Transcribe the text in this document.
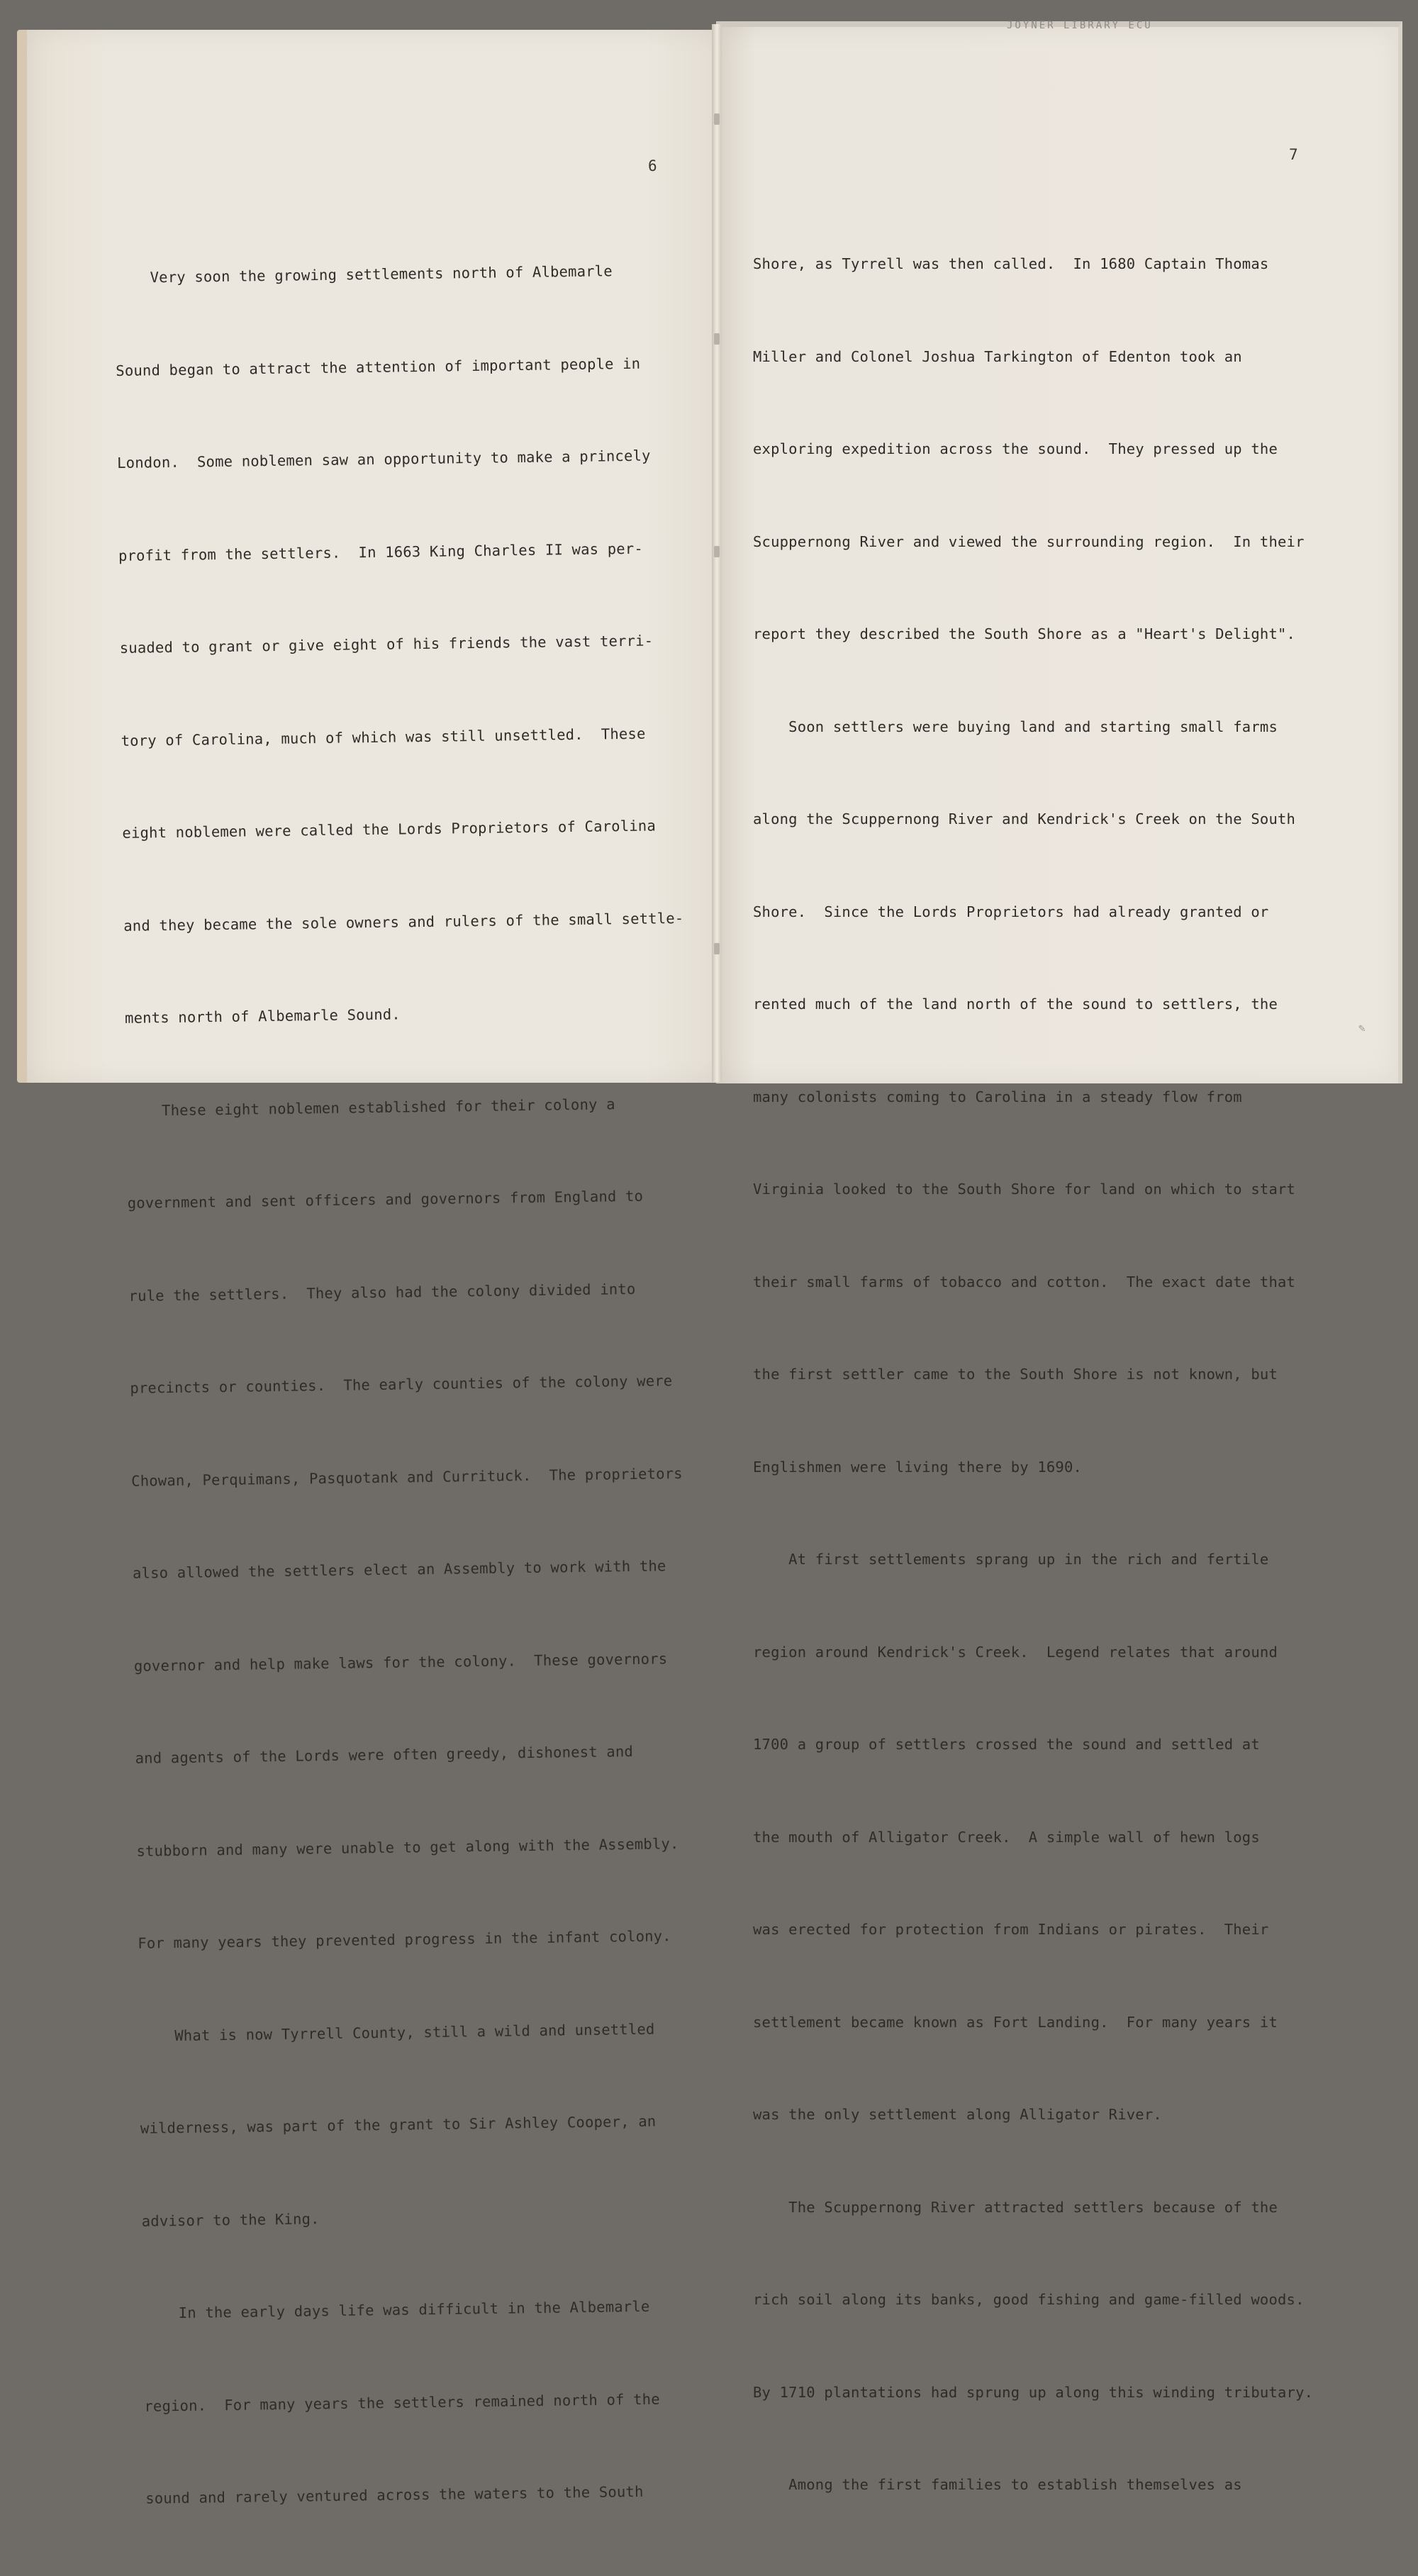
JOYNER LIBRARY ECU
6
7

Very soon the growing settlements north of Albemarle

Sound began to attract the attention of important people in

London.  Some noblemen saw an opportunity to make a princely

profit from the settlers.  In 1663 King Charles II was per-

suaded to grant or give eight of his friends the vast terri-

tory of Carolina, much of which was still unsettled.  These

eight noblemen were called the Lords Proprietors of Carolina

and they became the sole owners and rulers of the small settle-

ments north of Albemarle Sound.

These eight noblemen established for their colony a

government and sent officers and governors from England to

rule the settlers.  They also had the colony divided into

precincts or counties.  The early counties of the colony were

Chowan, Perquimans, Pasquotank and Currituck.  The proprietors

also allowed the settlers elect an Assembly to work with the

governor and help make laws for the colony.  These governors

and agents of the Lords were often greedy, dishonest and

stubborn and many were unable to get along with the Assembly.

For many years they prevented progress in the infant colony.

What is now Tyrrell County, still a wild and unsettled

wilderness, was part of the grant to Sir Ashley Cooper, an

advisor to the King.

In the early days life was difficult in the Albemarle

region.  For many years the settlers remained north of the

sound and rarely ventured across the waters to the South

Shore, as Tyrrell was then called.  In 1680 Captain Thomas

Miller and Colonel Joshua Tarkington of Edenton took an

exploring expedition across the sound.  They pressed up the

Scuppernong River and viewed the surrounding region.  In their

report they described the South Shore as a "Heart's Delight".

Soon settlers were buying land and starting small farms

along the Scuppernong River and Kendrick's Creek on the South

Shore.  Since the Lords Proprietors had already granted or

rented much of the land north of the sound to settlers, the

many colonists coming to Carolina in a steady flow from

Virginia looked to the South Shore for land on which to start

their small farms of tobacco and cotton.  The exact date that

the first settler came to the South Shore is not known, but

Englishmen were living there by 1690.

At first settlements sprang up in the rich and fertile

region around Kendrick's Creek.  Legend relates that around

1700 a group of settlers crossed the sound and settled at

the mouth of Alligator Creek.  A simple wall of hewn logs

was erected for protection from Indians or pirates.  Their

settlement became known as Fort Landing.  For many years it

was the only settlement along Alligator River.

The Scuppernong River attracted settlers because of the

rich soil along its banks, good fishing and game-filled woods.

By 1710 plantations had sprung up along this winding tributary.

Among the first families to establish themselves as

✎
